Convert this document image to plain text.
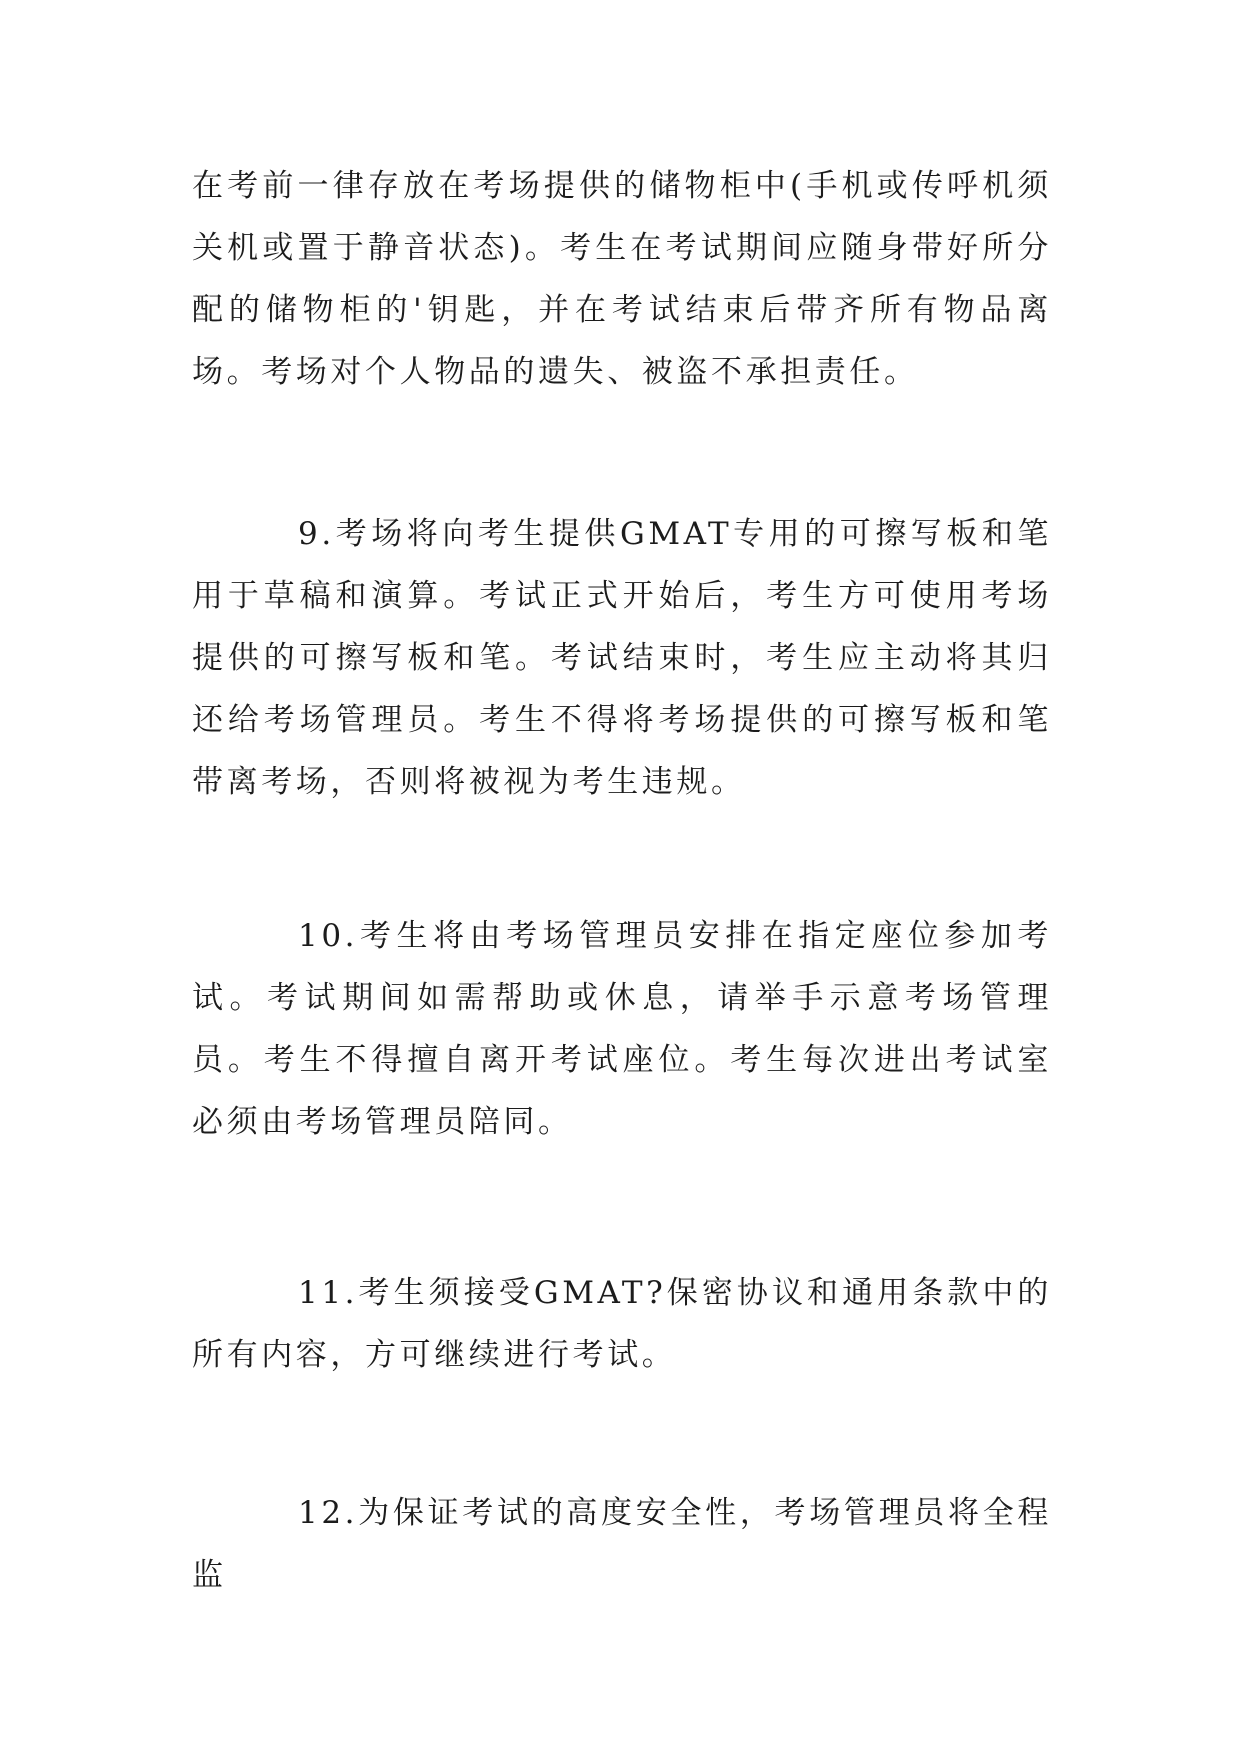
在考前一律存放在考场提供的储物柜中(手机或传呼机须关机或置于静音状态)。考生在考试期间应随身带好所分配的储物柜的'钥匙，并在考试结束后带齐所有物品离场。考场对个人物品的遗失、被盗不承担责任。

9.考场将向考生提供GMAT专用的可擦写板和笔用于草稿和演算。考试正式开始后，考生方可使用考场提供的可擦写板和笔。考试结束时，考生应主动将其归还给考场管理员。考生不得将考场提供的可擦写板和笔带离考场，否则将被视为考生违规。

10.考生将由考场管理员安排在指定座位参加考试。考试期间如需帮助或休息，请举手示意考场管理员。考生不得擅自离开考试座位。考生每次进出考试室必须由考场管理员陪同。

11.考生须接受GMAT?保密协议和通用条款中的所有内容，方可继续进行考试。

12.为保证考试的高度安全性，考场管理员将全程监
